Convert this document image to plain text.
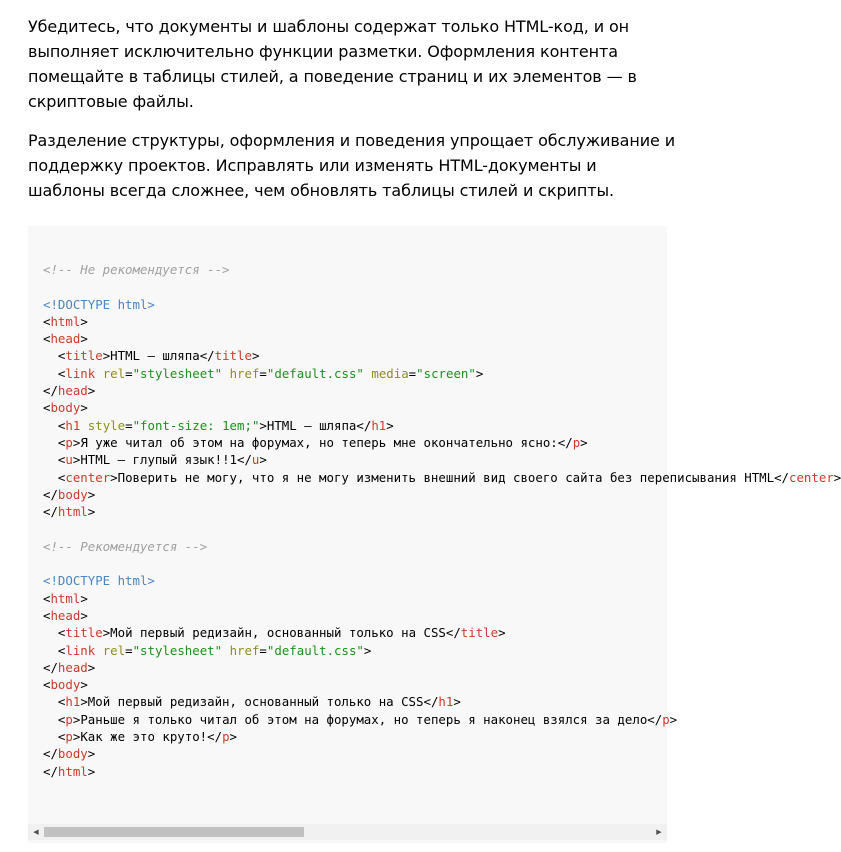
Убедитесь, что документы и шаблоны содержат только HTML-код, и он выполняет исключительно функции разметки. Оформления контента помещайте в таблицы стилей, а поведение страниц и их элементов — в скриптовые файлы.

Разделение структуры, оформления и поведения упрощает обслуживание и поддержку проектов. Исправлять или изменять HTML-документы и шаблоны всегда сложнее, чем обновлять таблицы стилей и скрипты.

<!-- Не рекомендуется -->
<!DOCTYPE html>
<html>
<head>
<title>HTML — шляпа</title>
<link rel="stylesheet" href="default.css" media="screen">
</head>
<body>
<h1 style="font-size: 1em;">HTML — шляпа</h1>
<p>Я уже читал об этом на форумах, но теперь мне окончательно ясно:</p>
<u>HTML — глупый язык!!1</u>
<center>Поверить не могу, что я не могу изменить внешний вид своего сайта без переписывания HTML</center>
</body>
</html>
<!-- Рекомендуется -->
<!DOCTYPE html>
<html>
<head>
<title>Мой первый редизайн, основанный только на CSS</title>
<link rel="stylesheet" href="default.css">
</head>
<body>
<h1>Мой первый редизайн, основанный только на CSS</h1>
<p>Раньше я только читал об этом на форумах, но теперь я наконец взялся за дело</p>
<p>Как же это круто!</p>
</body>
</html>
◀	▶
